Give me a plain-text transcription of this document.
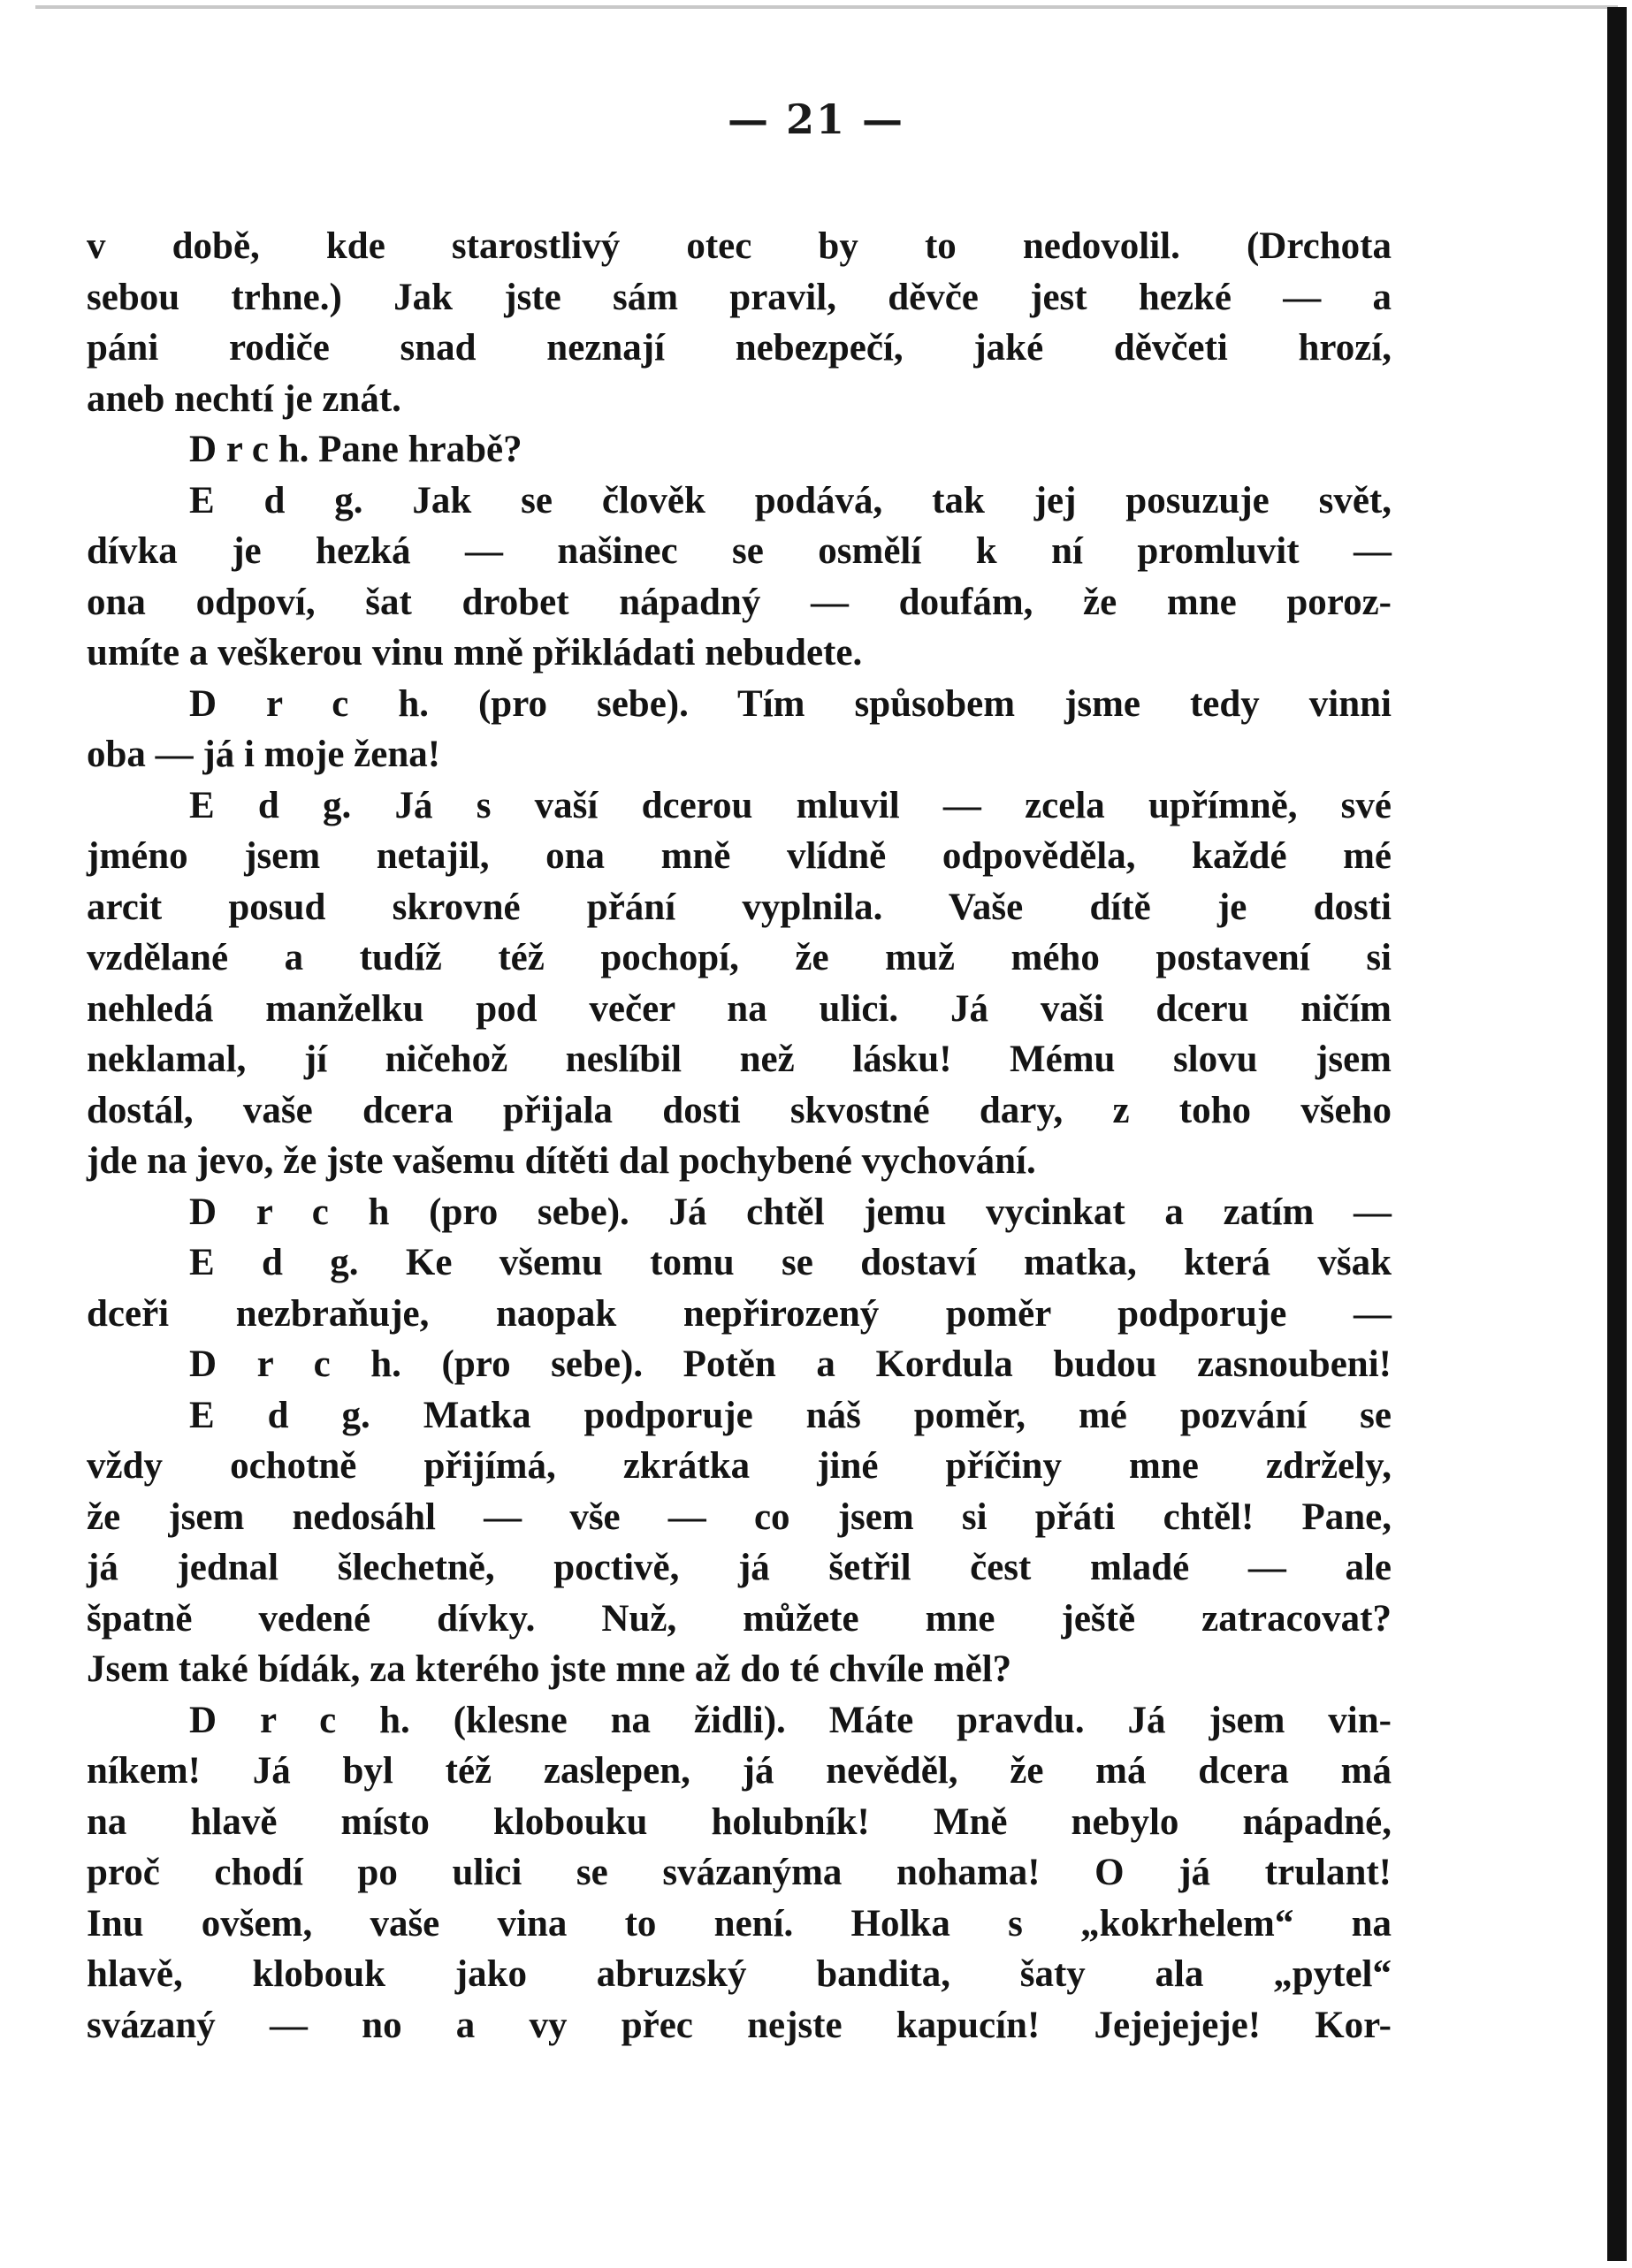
— 21 —
v době, kde starostlivý otec by to nedovolil. (Drchota
sebou trhne.) Jak jste sám pravil, děvče jest hezké — a
páni rodiče snad neznají nebezpečí, jaké děvčeti hrozí,
aneb nechtí je znát.
D r c h. Pane hrabě?
E d g. Jak se člověk podává, tak jej posuzuje svět,
dívka je hezká — našinec se osmělí k ní promluvit —
ona odpoví, šat drobet nápadný — doufám, že mne poroz-
umíte a veškerou vinu mně přikládati nebudete.
D r c h. (pro sebe). Tím spůsobem jsme tedy vinni
oba — já i moje žena!
E d g. Já s vaší dcerou mluvil — zcela upřímně, své
jméno jsem netajil, ona mně vlídně odpověděla, každé mé
arcit posud skrovné přání vyplnila. Vaše dítě je dosti
vzdělané a tudíž též pochopí, že muž mého postavení si
nehledá manželku pod večer na ulici. Já vaši dceru ničím
neklamal, jí ničehož neslíbil než lásku! Mému slovu jsem
dostál, vaše dcera přijala dosti skvostné dary, z toho všeho
jde na jevo, že jste vašemu dítěti dal pochybené vychování.
D r c h (pro sebe). Já chtěl jemu vycinkat a zatím —
E d g. Ke všemu tomu se dostaví matka, která však
dceři nezbraňuje, naopak nepřirozený poměr podporuje —
D r c h. (pro sebe). Potěn a Kordula budou zasnoubeni!
E d g. Matka podporuje náš poměr, mé pozvání se
vždy ochotně přijímá, zkrátka jiné příčiny mne zdržely,
že jsem nedosáhl — vše — co jsem si přáti chtěl! Pane,
já jednal šlechetně, poctivě, já šetřil čest mladé — ale
špatně vedené dívky. Nuž, můžete mne ještě zatracovat?
Jsem také bídák, za kterého jste mne až do té chvíle měl?
D r c h. (klesne na židli). Máte pravdu. Já jsem vin-
níkem! Já byl též zaslepen, já nevěděl, že má dcera má
na hlavě místo klobouku holubník! Mně nebylo nápadné,
proč chodí po ulici se svázanýma nohama! O já trulant!
Inu ovšem, vaše vina to není. Holka s „kokrhelem“ na
hlavě, klobouk jako abruzský bandita, šaty ala „pytel“
svázaný — no a vy přec nejste kapucín! Jejejejeje! Kor-
